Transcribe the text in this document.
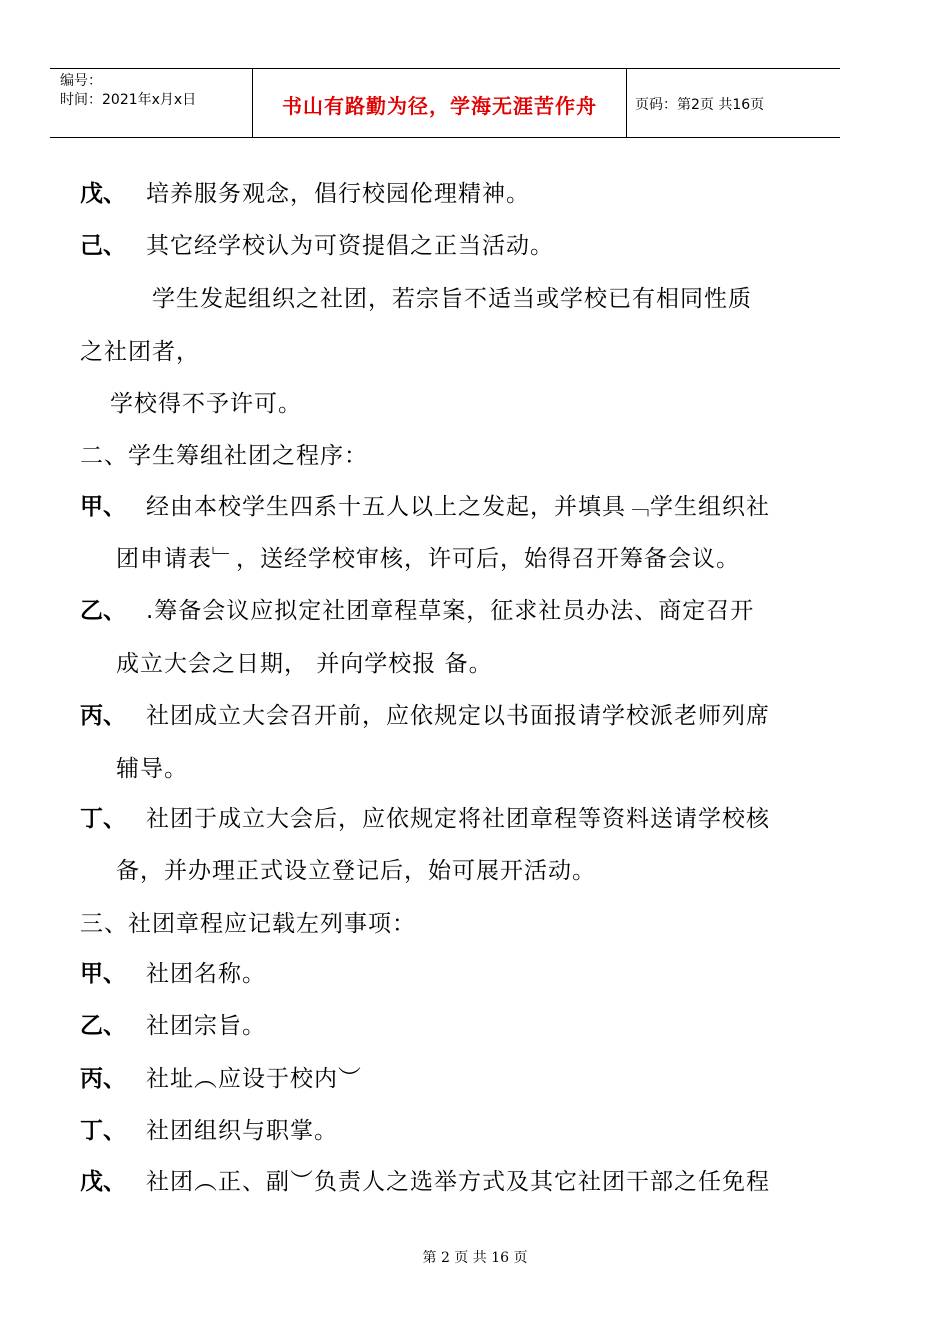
编号：
时间：2021年x月x日	书山有路勤为径，学海无涯苦作舟	页码：第2页 共16页
戊、 培养服务观念，倡行校园伦理精神。
己、 其它经学校认为可资提倡之正当活动。
学生发起组织之社团，若宗旨不适当或学校已有相同性质
之社团者，
学校得不予许可。
二、学生筹组社团之程序：
甲、 经由本校学生四系十五人以上之发起，并填具﹁学生组织社
团申请表﹂，送经学校审核，许可后，始得召开筹备会议。
乙、 .筹备会议应拟定社团章程草案，征求社员办法、商定召开
成立大会之日期， 并向学校报 备。
丙、 社团成立大会召开前，应依规定以书面报请学校派老师列席
辅导。
丁、 社团于成立大会后，应依规定将社团章程等资料送请学校核
备，并办理正式设立登记后，始可展开活动。
三、社团章程应记载左列事项：
甲、 社团名称。
乙、 社团宗旨。
丙、 社址︵应设于校内︶
丁、 社团组织与职掌。
戊、 社团︵正、副︶负责人之选举方式及其它社团干部之任免程
第 2 页 共 16 页
